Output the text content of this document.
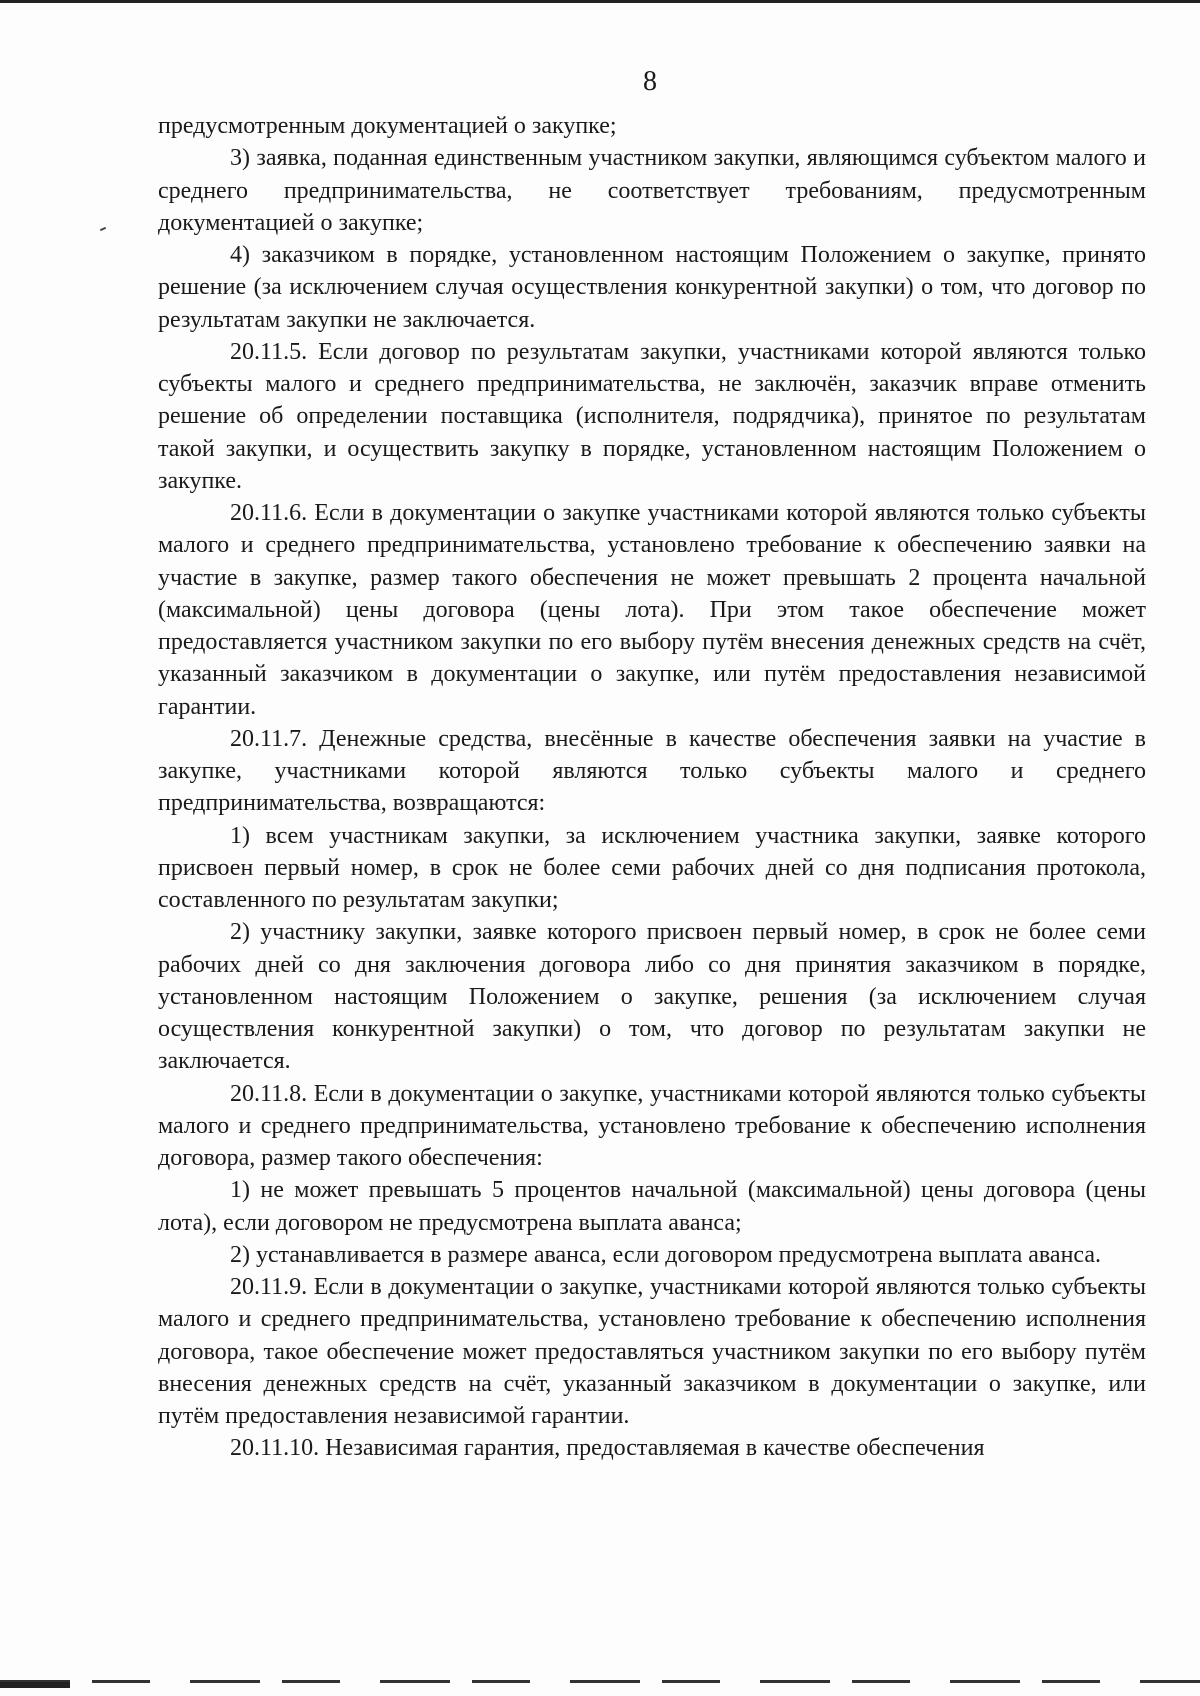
8

предусмотренным документацией о закупке;

3) заявка, поданная единственным участником закупки, являющимся субъектом малого и среднего предпринимательства, не соответствует требованиям, предусмотренным документацией о закупке;

4) заказчиком в порядке, установленном настоящим Положением о закупке, принято решение (за исключением случая осуществления конкурентной закупки) о том, что договор по результатам закупки не заключается.

20.11.5. Если договор по результатам закупки, участниками которой являются только субъекты малого и среднего предпринимательства, не заключён, заказчик вправе отменить решение об определении поставщика (исполнителя, подрядчика), принятое по результатам такой закупки, и осуществить закупку в порядке, установленном настоящим Положением о закупке.

20.11.6. Если в документации о закупке участниками которой являются только субъекты малого и среднего предпринимательства, установлено требование к обеспечению заявки на участие в закупке, размер такого обеспечения не может превышать 2 процента начальной (максимальной) цены договора (цены лота). При этом такое обеспечение может предоставляется участником закупки по его выбору путём внесения денежных средств на счёт, указанный заказчиком в документации о закупке, или путём предоставления независимой гарантии.

20.11.7. Денежные средства, внесённые в качестве обеспечения заявки на участие в закупке, участниками которой являются только субъекты малого и среднего предпринимательства, возвращаются:

1) всем участникам закупки, за исключением участника закупки, заявке которого присвоен первый номер, в срок не более семи рабочих дней со дня подписания протокола, составленного по результатам закупки;

2) участнику закупки, заявке которого присвоен первый номер, в срок не более семи рабочих дней со дня заключения договора либо со дня принятия заказчиком в порядке, установленном настоящим Положением о закупке, решения (за исключением случая осуществления конкурентной закупки) о том, что договор по результатам закупки не заключается.

20.11.8. Если в документации о закупке, участниками которой являются только субъекты малого и среднего предпринимательства, установлено требование к обеспечению исполнения договора, размер такого обеспечения:

1) не может превышать 5 процентов начальной (максимальной) цены договора (цены лота), если договором не предусмотрена выплата аванса;

2) устанавливается в размере аванса, если договором предусмотрена выплата аванса.

20.11.9. Если в документации о закупке, участниками которой являются только субъекты малого и среднего предпринимательства, установлено требование к обеспечению исполнения договора, такое обеспечение может предоставляться участником закупки по его выбору путём внесения денежных средств на счёт, указанный заказчиком в документации о закупке, или путём предоставления независимой гарантии.

20.11.10. Независимая гарантия, предоставляемая в качестве обеспечения
